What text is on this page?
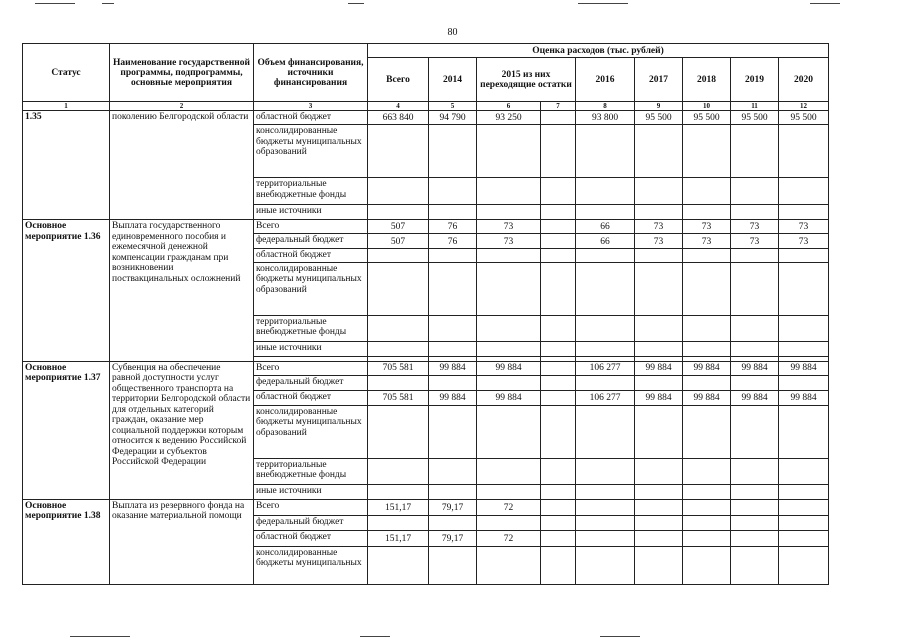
80
Статус	Наименование государственной программы, подпрограммы, основные мероприятия	Объем финансирования, источники финансирования	Оценка расходов (тыс. рублей)								
			Всего	2014	2015 из них переходящие остатки		2016	2017	2018	2019	2020
1	2	3	4	5	6	7	8	9	10	11	12
1.35	поколению Белгородской области	областной бюджет	663 840	94 790	93 250		93 800	95 500	95 500	95 500	95 500
		консолидированные бюджеты муниципальных образований									
		территориальные внебюджетные фонды									
		иные источники									
Основное мероприятие 1.36	Выплата государственного единовременного пособия и ежемесячной денежной компенсации гражданам при возникновении поствакцинальных осложнений	Всего	507	76	73		66	73	73	73	73
		федеральный бюджет	507	76	73		66	73	73	73	73
		областной бюджет									
		консолидированные бюджеты муниципальных образований									
		территориальные внебюджетные фонды									
		иные источники									

Основное мероприятие 1.37	Субвенция на обеспечение равной доступности услуг общественного транспорта на территории Белгородской области для отдельных категорий граждан, оказание мер социальной поддержки которым относится к ведению Российской Федерации и субъектов Российской Федерации	Всего	705 581	99 884	99 884		106 277	99 884	99 884	99 884	99 884
		федеральный бюджет									
		областной бюджет	705 581	99 884	99 884		106 277	99 884	99 884	99 884	99 884
		консолидированные бюджеты муниципальных образований									
		территориальные внебюджетные фонды									
		иные источники									
Основное мероприятие 1.38	Выплата из резервного фонда на оказание материальной помощи	Всего	151,17	79,17	72						
		федеральный бюджет									
		областной бюджет	151,17	79,17	72						
		консолидированные бюджеты муниципальных									
